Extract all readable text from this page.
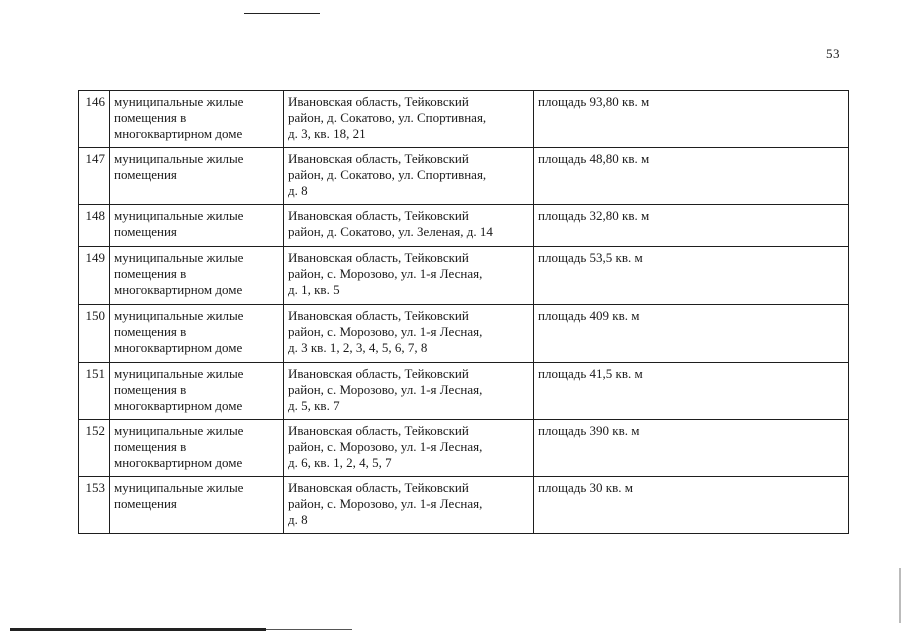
53
146	муниципальные жилые
помещения в
многоквартирном доме	Ивановская область, Тейковский
район, д. Сокатово, ул. Спортивная,
д. 3, кв. 18, 21	площадь 93,80 кв. м
147	муниципальные жилые
помещения	Ивановская область, Тейковский
район, д. Сокатово, ул. Спортивная,
д. 8	площадь 48,80 кв. м
148	муниципальные жилые
помещения	Ивановская область, Тейковский
район, д. Сокатово, ул. Зеленая, д. 14	площадь 32,80 кв. м
149	муниципальные жилые
помещения в
многоквартирном доме	Ивановская область, Тейковский
район, с. Морозово, ул. 1-я Лесная,
д. 1, кв. 5	площадь 53,5 кв. м
150	муниципальные жилые
помещения в
многоквартирном доме	Ивановская область, Тейковский
район, с. Морозово, ул. 1-я Лесная,
д. 3 кв. 1, 2, 3, 4, 5, 6, 7, 8	площадь 409 кв. м
151	муниципальные жилые
помещения в
многоквартирном доме	Ивановская область, Тейковский
район, с. Морозово, ул. 1-я Лесная,
д. 5, кв. 7	площадь 41,5 кв. м
152	муниципальные жилые
помещения в
многоквартирном доме	Ивановская область, Тейковский
район, с. Морозово, ул. 1-я Лесная,
д. 6, кв. 1, 2, 4, 5, 7	площадь 390 кв. м
153	муниципальные жилые
помещения	Ивановская область, Тейковский
район, с. Морозово, ул. 1-я Лесная,
д. 8	площадь 30 кв. м
